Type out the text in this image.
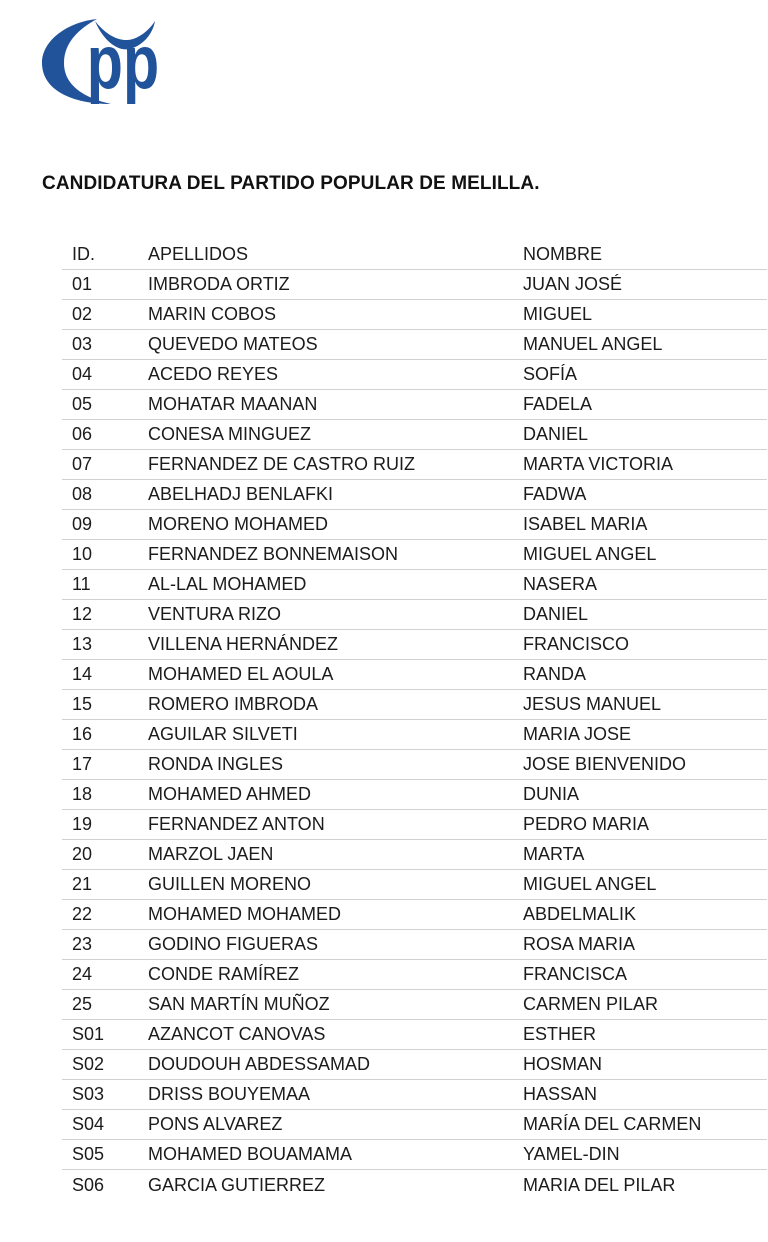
pp
CANDIDATURA DEL PARTIDO POPULAR DE MELILLA.
ID.	APELLIDOS	NOMBRE
01	IMBRODA ORTIZ	JUAN JOSÉ
02	MARIN COBOS	MIGUEL
03	QUEVEDO MATEOS	MANUEL ANGEL
04	ACEDO REYES	SOFÍA
05	MOHATAR MAANAN	FADELA
06	CONESA MINGUEZ	DANIEL
07	FERNANDEZ DE CASTRO RUIZ	MARTA VICTORIA
08	ABELHADJ BENLAFKI	FADWA
09	MORENO MOHAMED	ISABEL MARIA
10	FERNANDEZ BONNEMAISON	MIGUEL ANGEL
11	AL-LAL MOHAMED	NASERA
12	VENTURA RIZO	DANIEL
13	VILLENA HERNÁNDEZ	FRANCISCO
14	MOHAMED EL AOULA	RANDA
15	ROMERO IMBRODA	JESUS MANUEL
16	AGUILAR SILVETI	MARIA JOSE
17	RONDA INGLES	JOSE BIENVENIDO
18	MOHAMED AHMED	DUNIA
19	FERNANDEZ ANTON	PEDRO MARIA
20	MARZOL JAEN	MARTA
21	GUILLEN MORENO	MIGUEL ANGEL
22	MOHAMED MOHAMED	ABDELMALIK
23	GODINO FIGUERAS	ROSA MARIA
24	CONDE RAMÍREZ	FRANCISCA
25	SAN MARTÍN MUÑOZ	CARMEN PILAR
S01	AZANCOT CANOVAS	ESTHER
S02	DOUDOUH ABDESSAMAD	HOSMAN
S03	DRISS BOUYEMAA	HASSAN
S04	PONS ALVAREZ	MARÍA DEL CARMEN
S05	MOHAMED BOUAMAMA	YAMEL-DIN
S06	GARCIA GUTIERREZ	MARIA DEL PILAR
